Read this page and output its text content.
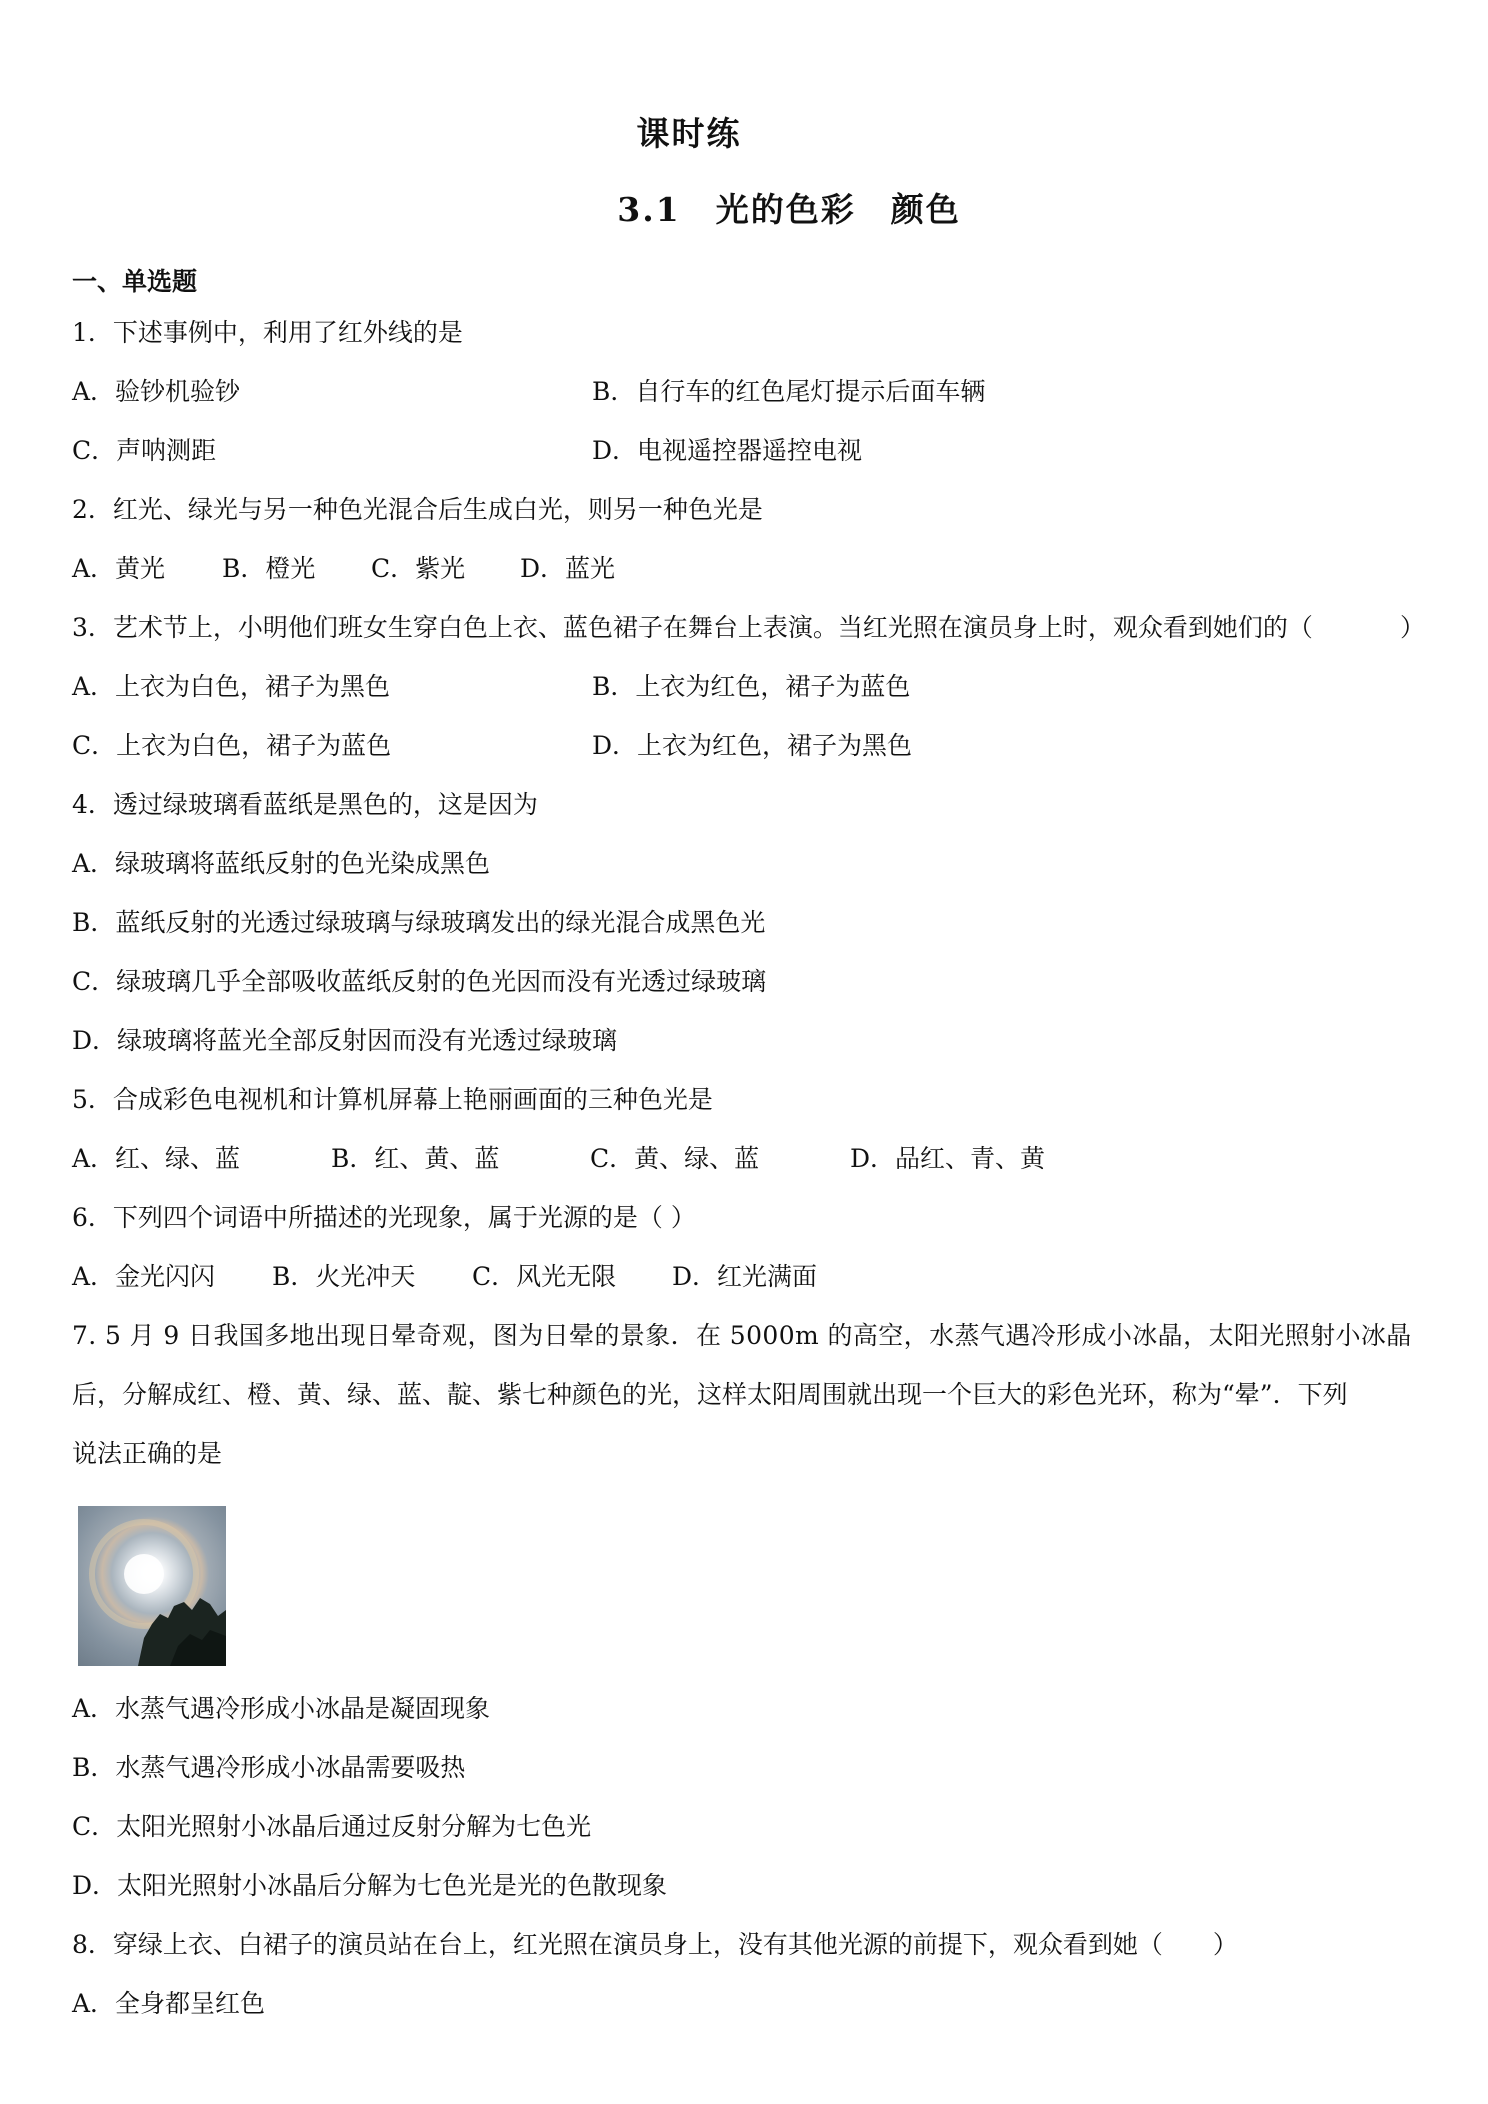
课时练
3.1　光的色彩　颜色
一、单选题
1．下述事例中，利用了红外线的是
A．验钞机验钞	B．自行车的红色尾灯提示后面车辆
C．声呐测距	D．电视遥控器遥控电视
2．红光、绿光与另一种色光混合后生成白光，则另一种色光是
A．黄光 B．橙光 C．紫光 D．蓝光
3．艺术节上，小明他们班女生穿白色上衣、蓝色裙子在舞台上表演。当红光照在演员身上时，观众看到她们的（	）
A．上衣为白色，裙子为黑色	B．上衣为红色，裙子为蓝色
C．上衣为白色，裙子为蓝色	D．上衣为红色，裙子为黑色
4．透过绿玻璃看蓝纸是黑色的，这是因为
A．绿玻璃将蓝纸反射的色光染成黑色
B．蓝纸反射的光透过绿玻璃与绿玻璃发出的绿光混合成黑色光
C．绿玻璃几乎全部吸收蓝纸反射的色光因而没有光透过绿玻璃
D．绿玻璃将蓝光全部反射因而没有光透过绿玻璃
5．合成彩色电视机和计算机屏幕上艳丽画面的三种色光是
A．红、绿、蓝	B．红、黄、蓝	C．黄、绿、蓝	D．品红、青、黄
6．下列四个词语中所描述的光现象，属于光源的是（ ）
A．金光闪闪 B．火光冲天 C．风光无限 D．红光满面
7. 5 月 9 日我国多地出现日晕奇观，图为日晕的景象．在 5000m 的高空，水蒸气遇冷形成小冰晶，太阳光照射小冰晶
后，分解成红、橙、黄、绿、蓝、靛、紫七种颜色的光，这样太阳周围就出现一个巨大的彩色光环，称为“晕”．下列
说法正确的是
A．水蒸气遇冷形成小冰晶是凝固现象
B．水蒸气遇冷形成小冰晶需要吸热
C．太阳光照射小冰晶后通过反射分解为七色光
D．太阳光照射小冰晶后分解为七色光是光的色散现象
8．穿绿上衣、白裙子的演员站在台上，红光照在演员身上，没有其他光源的前提下，观众看到她（　　）
A．全身都呈红色
